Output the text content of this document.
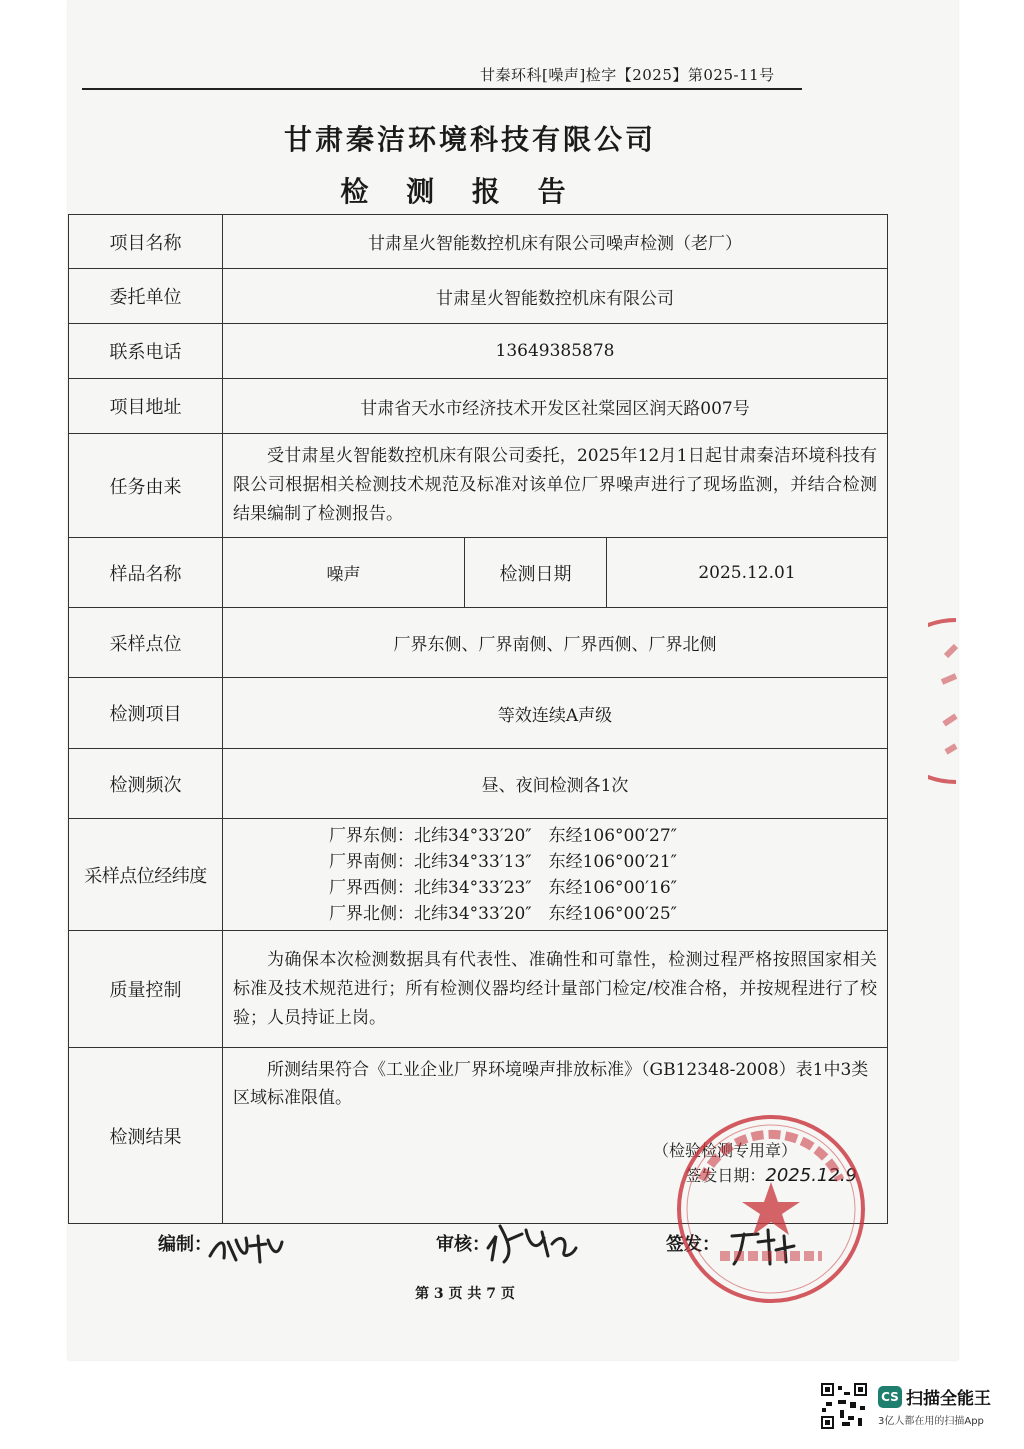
甘秦环科[噪声]检字【2025】第025-11号
甘肃秦洁环境科技有限公司
检 测 报 告
项目名称	甘肃星火智能数控机床有限公司噪声检测（老厂）		
委托单位	甘肃星火智能数控机床有限公司		
联系电话	13649385878		
项目地址	甘肃省天水市经济技术开发区社棠园区润天路007号		
任务由来	受甘肃星火智能数控机床有限公司委托，2025年12月1日起甘肃秦洁环境科技有限公司根据相关检测技术规范及标准对该单位厂界噪声进行了现场监测，并结合检测结果编制了检测报告。		

样品名称	噪声	检测日期	2025.12.01
采样点位	厂界东侧、厂界南侧、厂界西侧、厂界北侧		
检测项目	等效连续A声级		
检测频次	昼、夜间检测各1次		
采样点位经纬度	厂界东侧：北纬34°33′20″　东经106°00′27″
厂界南侧：北纬34°33′13″　东经106°00′21″
厂界西侧：北纬34°33′23″　东经106°00′16″
厂界北侧：北纬34°33′20″　东经106°00′25″		

质量控制	为确保本次检测数据具有代表性、准确性和可靠性，检测过程严格按照国家相关标准及技术规范进行；所有检测仪器均经计量部门检定/校准合格，并按规程进行了校验；人员持证上岗。		

检测结果	所测结果符合《工业企业厂界环境噪声排放标准》（GB12348-2008）表1中3类区域标准限值。
（检验检测专用章）
签发日期：2025.12.9		
编制：	审核：	签发：
第 3 页 共 7 页
CS 扫描全能王
3亿人都在用的扫描App
